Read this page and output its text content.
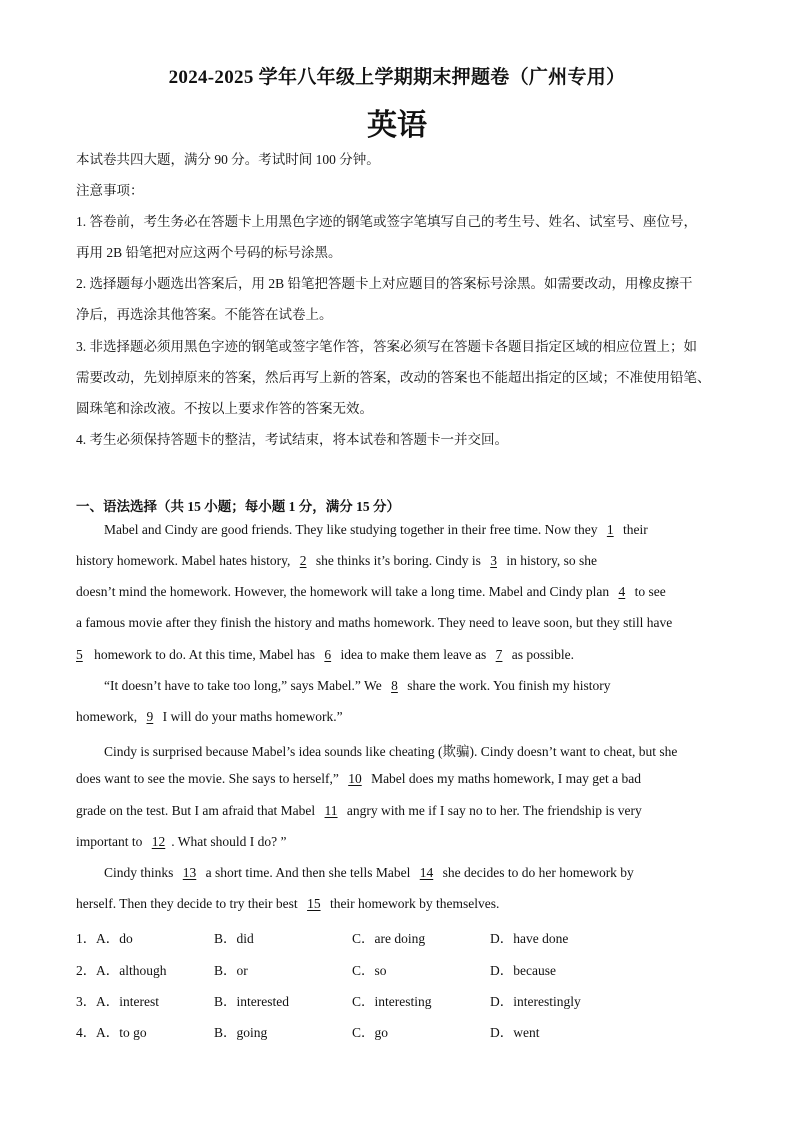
2024-2025 学年八年级上学期期末押题卷（广州专用）
英语
本试卷共四大题，满分 90 分。考试时间 100 分钟。
注意事项：
1. 答卷前，考生务必在答题卡上用黑色字迹的钢笔或签字笔填写自己的考生号、姓名、试室号、座位号，
再用 2B 铅笔把对应这两个号码的标号涂黑。
2. 选择题每小题选出答案后，用 2B 铅笔把答题卡上对应题目的答案标号涂黑。如需要改动，用橡皮擦干
净后，再选涂其他答案。不能答在试卷上。
3. 非选择题必须用黑色字迹的钢笔或签字笔作答，答案必须写在答题卡各题目指定区域的相应位置上；如
需要改动，先划掉原来的答案，然后再写上新的答案，改动的答案也不能超出指定的区域；不准使用铅笔、
圆珠笔和涂改液。不按以上要求作答的答案无效。
4. 考生必须保持答题卡的整洁，考试结束，将本试卷和答题卡一并交回。
一、语法选择（共 15 小题；每小题 1 分，满分 15 分）
Mabel and Cindy are good friends. They like studying together in their free time. Now they 1 their
history homework. Mabel hates history, 2 she thinks it’s boring. Cindy is 3 in history, so she
doesn’t mind the homework. However, the homework will take a long time. Mabel and Cindy plan 4 to see
a famous movie after they finish the history and maths homework. They need to leave soon, but they still have
5 homework to do. At this time, Mabel has 6 idea to make them leave as 7 as possible.
“It doesn’t have to take too long,” says Mabel.” We 8 share the work. You finish my history
homework, 9 I will do your maths homework.”
Cindy is surprised because Mabel’s idea sounds like cheating (欺骗). Cindy doesn’t want to cheat, but she
does want to see the movie. She says to herself,” 10 Mabel does my maths homework, I may get a bad
grade on the test. But I am afraid that Mabel 11 angry with me if I say no to her. The friendship is very
important to 12 . What should I do? ”
Cindy thinks 13 a short time. And then she tells Mabel 14 she decides to do her homework by
herself. Then they decide to try their best 15 their homework by themselves.
1． A．do	B．did	C．are doing	D．have done
2． A．although	B．or	C．so	D．because
3． A．interest	B．interested	C．interesting	D．interestingly
4． A．to go	B．going	C．go	D．went
